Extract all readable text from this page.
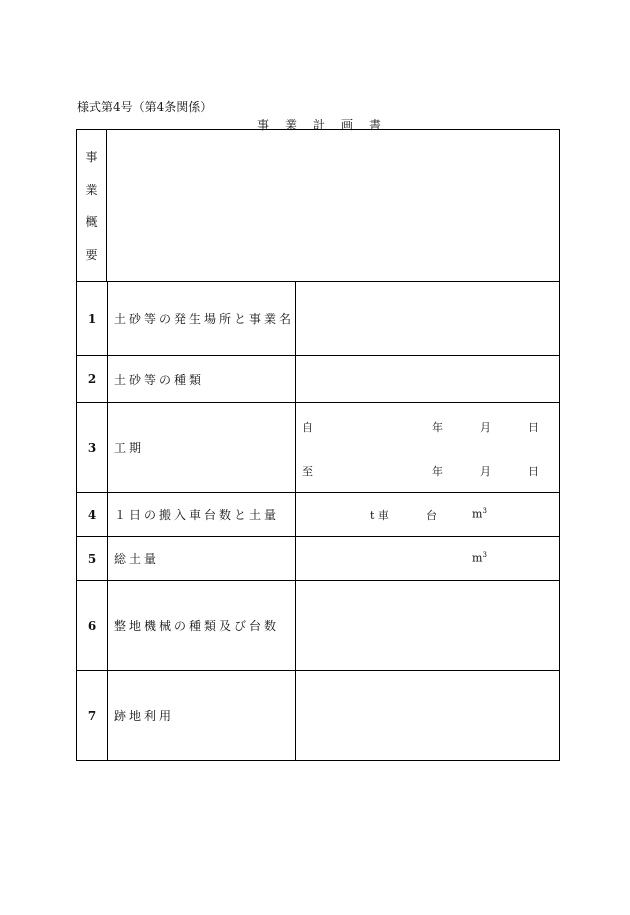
様式第4号（第4条関係）
事　業　計　画　書
事
業
概
要
1	土砂等の発生場所と事業名
2	土砂等の種類
3	工期
自	年	月	日
至	年	月	日
4	１日の搬入車台数と土量	t 車	台	$m^3$
5	総土量	$m^3$
6	整地機械の種類及び台数
7	跡地利用
